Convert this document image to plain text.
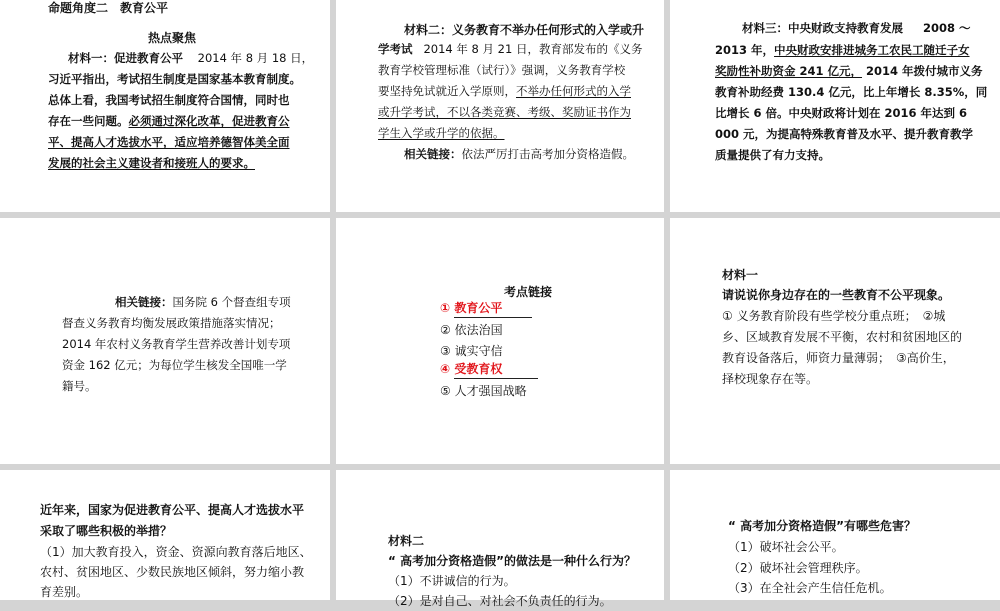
命题角度二　教育公平
热点聚焦
材料一：促进教育公平 2014 年 8 月 18 日，
习近平指出，考试招生制度是国家基本教育制度。
总体上看，我国考试招生制度符合国情，同时也
存在一些问题。必须通过深化改革，促进教育公
平、提高人才选拔水平，适应培养德智体美全面
发展的社会主义建设者和接班人的要求。
材料二：义务教育不举办任何形式的入学或升
学考试 2014 年 8 月 21 日，教育部发布的《义务
教育学校管理标准（试行）》强调，义务教育学校
要坚持免试就近入学原则，不举办任何形式的入学
或升学考试，不以各类竞赛、考级、奖励证书作为
学生入学或升学的依据。
相关链接：依法严厉打击高考加分资格造假。
材料三：中央财政支持教育发展 2008 ～
2013 年，中央财政安排进城务工农民工随迁子女
奖励性补助资金 241 亿元， 2014 年拨付城市义务
教育补助经费 130.4 亿元，比上年增长 8.35%，同
比增长 6 倍。中央财政将计划在 2016 年达到 6
000 元，为提高特殊教育普及水平、提升教育教学
质量提供了有力支持。
相关链接：国务院 6 个督查组专项
督查义务教育均衡发展政策措施落实情况；
2014 年农村义务教育学生营养改善计划专项
资金 162 亿元；为每位学生核发全国唯一学
籍号。
考点链接
① 教育公平
② 依法治国
③ 诚实守信
④ 受教育权
⑤ 人才强国战略
材料一
请说说你身边存在的一些教育不公平现象。
① 义务教育阶段有些学校分重点班；　②城
乡、区域教育发展不平衡，农村和贫困地区的
教育设备落后，师资力量薄弱；　③高价生，
择校现象存在等。
近年来，国家为促进教育公平、提高人才选拔水平
采取了哪些积极的举措？
（1）加大教育投入，资金、资源向教育落后地区、
农村、贫困地区、少数民族地区倾斜，努力缩小教
育差别。
材料二
“ 高考加分资格造假”的做法是一种什么行为？
（1）不讲诚信的行为。
（2）是对自己、对社会不负责任的行为。
“ 高考加分资格造假”有哪些危害？
（1）破坏社会公平。
（2）破坏社会管理秩序。
（3）在全社会产生信任危机。
